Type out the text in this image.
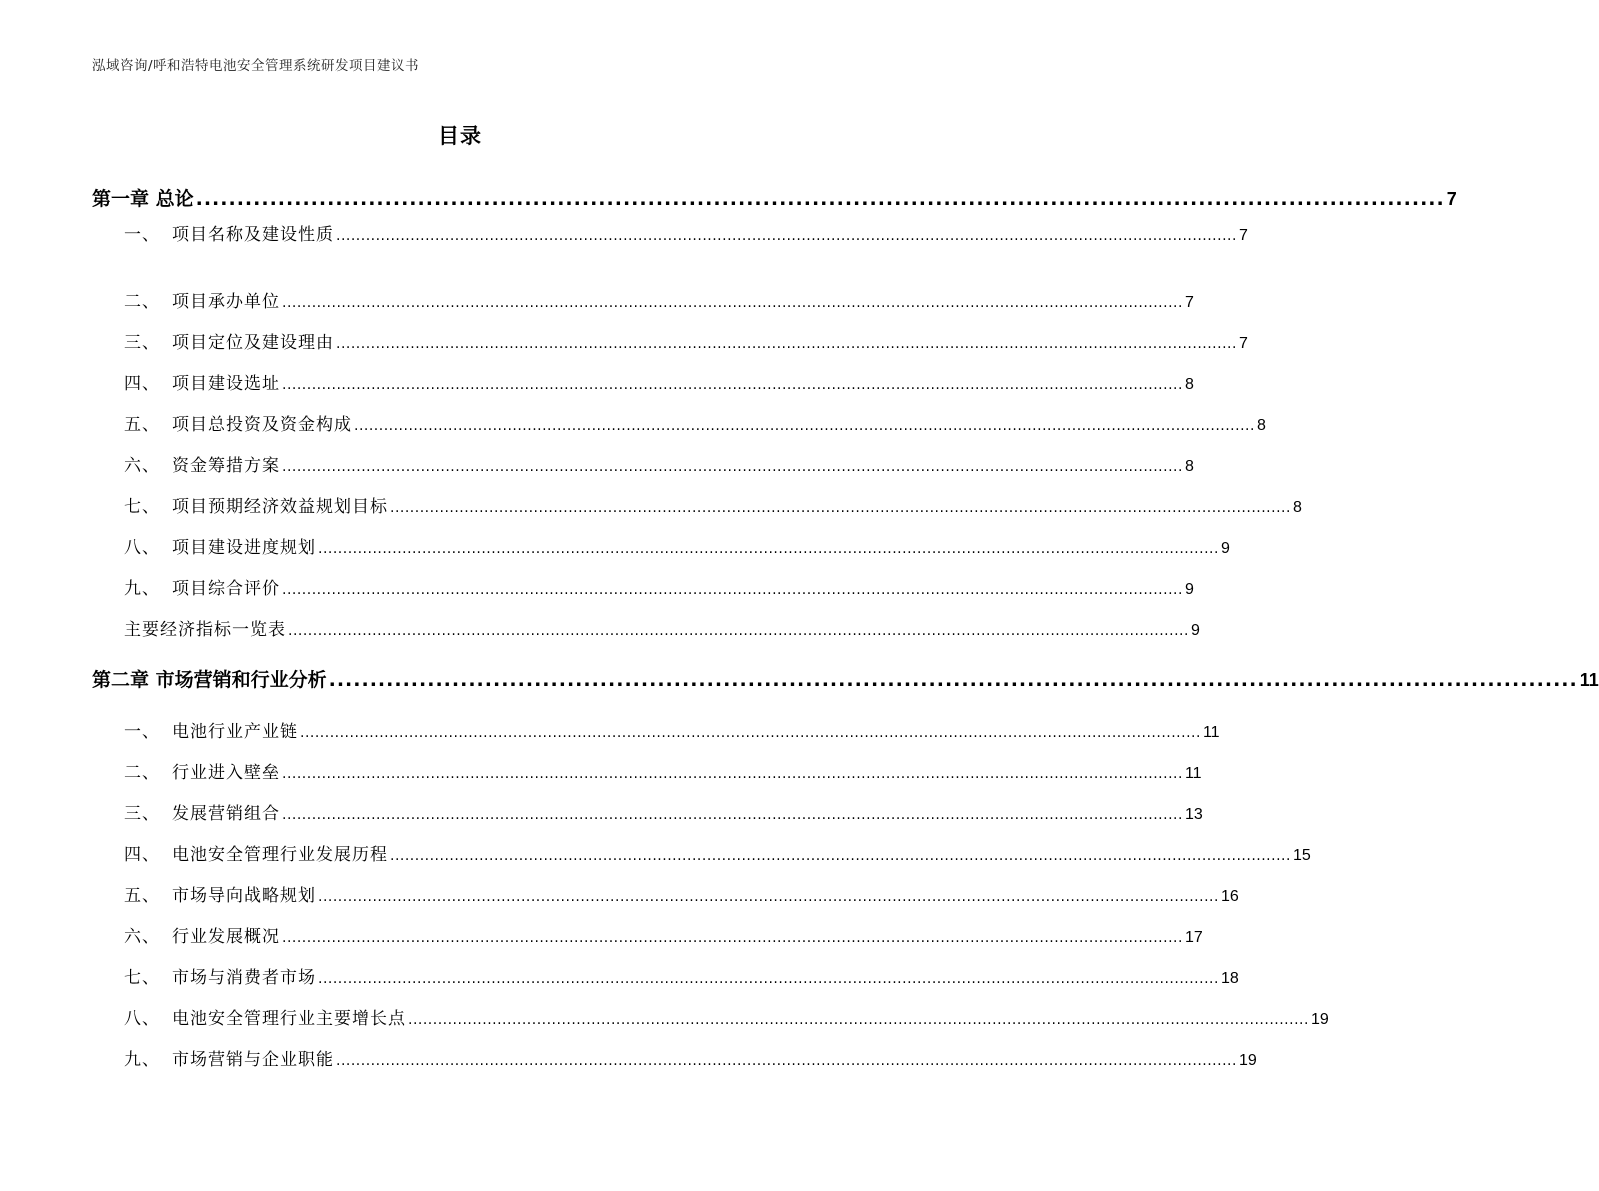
泓域咨询/呼和浩特电池安全管理系统研发项目建议书
目录
第一章 总论 ........................................................................................................................................................ 7
一、 项目名称及建设性质 ...................................................................................................................................................................................... 7
二、 项目承办单位 ...................................................................................................................................................................................... 7
三、 项目定位及建设理由 ...................................................................................................................................................................................... 7
四、 项目建设选址 ...................................................................................................................................................................................... 8
五、 项目总投资及资金构成 ...................................................................................................................................................................................... 8
六、 资金筹措方案 ...................................................................................................................................................................................... 8
七、 项目预期经济效益规划目标 ...................................................................................................................................................................................... 8
八、 项目建设进度规划 ...................................................................................................................................................................................... 9
九、 项目综合评价 ...................................................................................................................................................................................... 9
主要经济指标一览表 ...................................................................................................................................................................................... 9
第二章 市场营销和行业分析 ........................................................................................................................................................ 11
一、 电池行业产业链 ...................................................................................................................................................................................... 11
二、 行业进入壁垒 ...................................................................................................................................................................................... 11
三、 发展营销组合 ...................................................................................................................................................................................... 13
四、 电池安全管理行业发展历程 ...................................................................................................................................................................................... 15
五、 市场导向战略规划 ...................................................................................................................................................................................... 16
六、 行业发展概况 ...................................................................................................................................................................................... 17
七、 市场与消费者市场 ...................................................................................................................................................................................... 18
八、 电池安全管理行业主要增长点 ...................................................................................................................................................................................... 19
九、 市场营销与企业职能 ...................................................................................................................................................................................... 19
